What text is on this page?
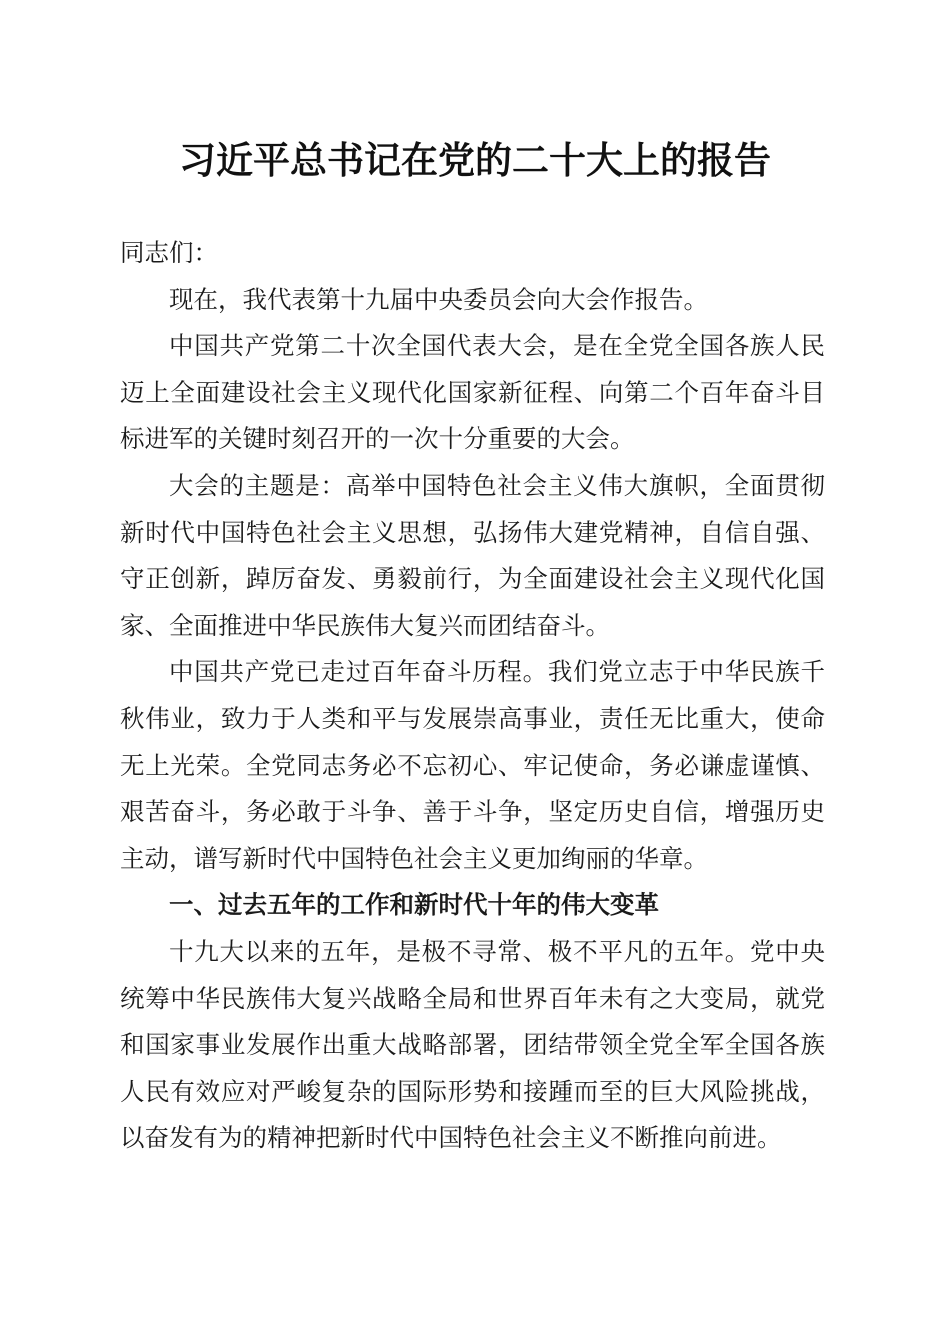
习近平总书记在党的二十大上的报告

同志们：

现在，我代表第十九届中央委员会向大会作报告。

中国共产党第二十次全国代表大会，是在全党全国各族人民迈上全面建设社会主义现代化国家新征程、向第二个百年奋斗目标进军的关键时刻召开的一次十分重要的大会。

大会的主题是：高举中国特色社会主义伟大旗帜，全面贯彻新时代中国特色社会主义思想，弘扬伟大建党精神，自信自强、守正创新，踔厉奋发、勇毅前行，为全面建设社会主义现代化国家、全面推进中华民族伟大复兴而团结奋斗。

中国共产党已走过百年奋斗历程。我们党立志于中华民族千秋伟业，致力于人类和平与发展崇高事业，责任无比重大，使命无上光荣。全党同志务必不忘初心、牢记使命，务必谦虚谨慎、艰苦奋斗，务必敢于斗争、善于斗争，坚定历史自信，增强历史主动，谱写新时代中国特色社会主义更加绚丽的华章。

一、过去五年的工作和新时代十年的伟大变革

十九大以来的五年，是极不寻常、极不平凡的五年。党中央统筹中华民族伟大复兴战略全局和世界百年未有之大变局，就党和国家事业发展作出重大战略部署，团结带领全党全军全国各族人民有效应对严峻复杂的国际形势和接踵而至的巨大风险挑战，以奋发有为的精神把新时代中国特色社会主义不断推向前进。
